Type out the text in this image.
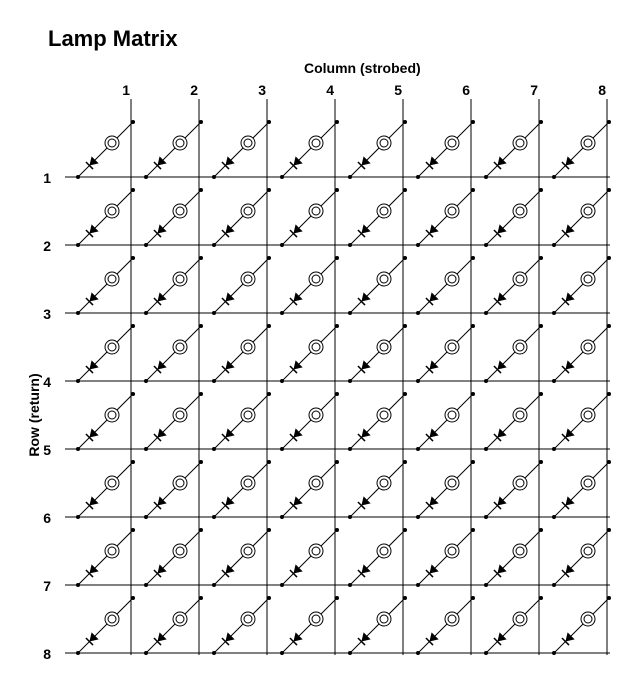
Lamp Matrix
Column (strobed)
Row (return)
1	2	3	4	5	6	7	8
1
2
3
4
5
6
7
8
